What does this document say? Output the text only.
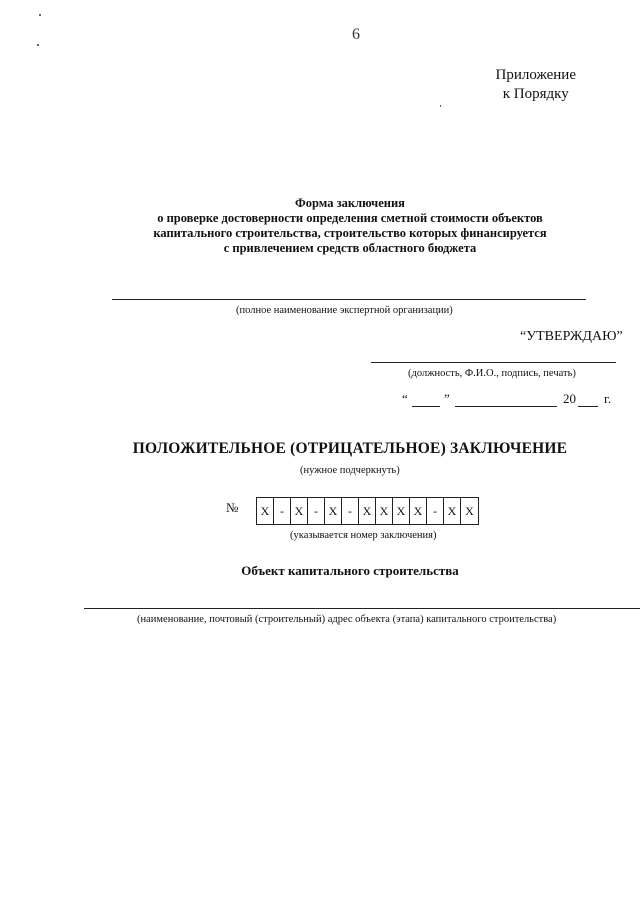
6
Приложение
к Порядку
Форма заключения
о проверке достоверности определения сметной стоимости объектов
капитального строительства, строительство которых финансируется
с привлечением средств областного бюджета
(полное наименование экспертной организации)
“УТВЕРЖДАЮ”
(должность, Ф.И.О., подпись, печать)
“	”	20 г.
ПОЛОЖИТЕЛЬНОЕ (ОТРИЦАТЕЛЬНОЕ) ЗАКЛЮЧЕНИЕ
(нужное подчеркнуть)
№	X - X - X - X X X X - X X
(указывается номер заключения)
Объект капитального строительства
(наименование, почтовый (строительный) адрес объекта (этапа) капитального строительства)
